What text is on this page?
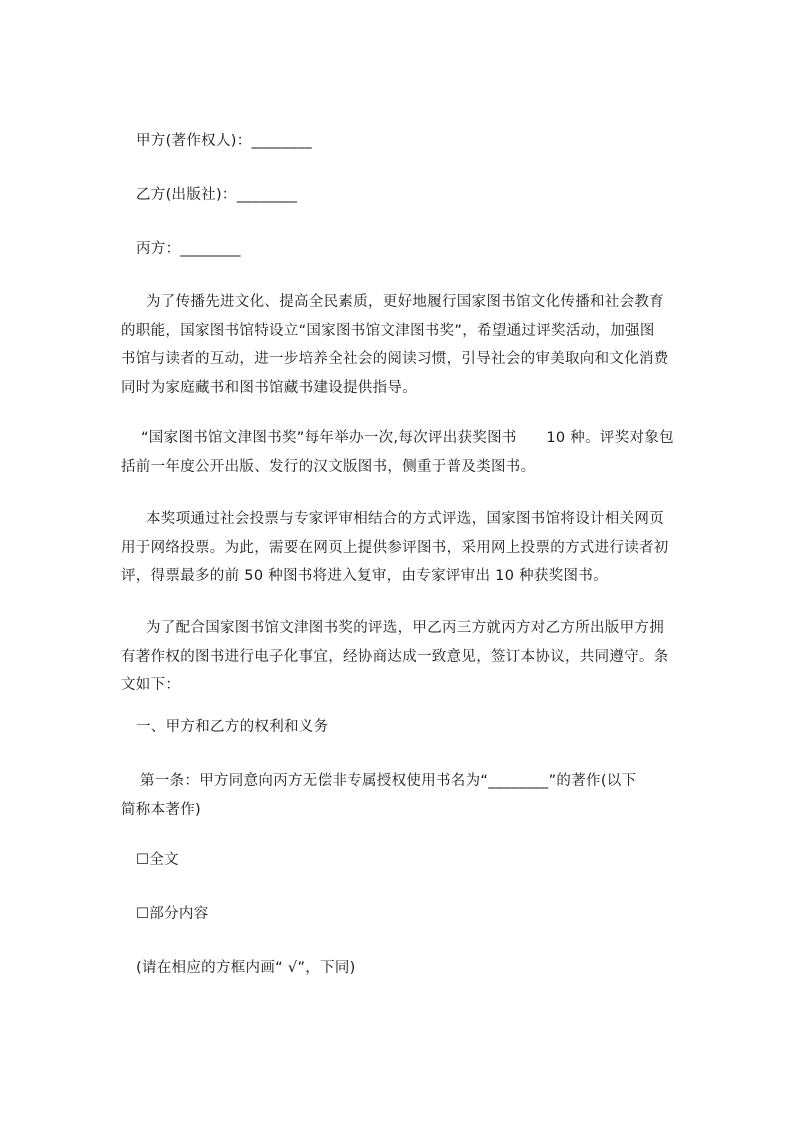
甲方(著作权人)：________
乙方(出版社)：________
丙方：________
为了传播先进文化、提高全民素质，更好地履行国家图书馆文化传播和社会教育
的职能，国家图书馆特设立“国家图书馆文津图书奖”，希望通过评奖活动，加强图
书馆与读者的互动，进一步培养全社会的阅读习惯，引导社会的审美取向和文化消费
同时为家庭藏书和图书馆藏书建设提供指导。
“国家图书馆文津图书奖”每年举办一次,每次评出获奖图书　　10 种。评奖对象包
括前一年度公开出版、发行的汉文版图书，侧重于普及类图书。
本奖项通过社会投票与专家评审相结合的方式评选，国家图书馆将设计相关网页
用于网络投票。为此，需要在网页上提供参评图书，采用网上投票的方式进行读者初
评，得票最多的前 50 种图书将进入复审，由专家评审出 10 种获奖图书。
为了配合国家图书馆文津图书奖的评选，甲乙丙三方就丙方对乙方所出版甲方拥
有著作权的图书进行电子化事宜，经协商达成一致意见，签订本协议，共同遵守。条
文如下：
一、甲方和乙方的权利和义务
第一条：甲方同意向丙方无偿非专属授权使用书名为“________”的著作(以下
简称本著作)
☐全文
☐部分内容
(请在相应的方框内画“ √”，下同)
